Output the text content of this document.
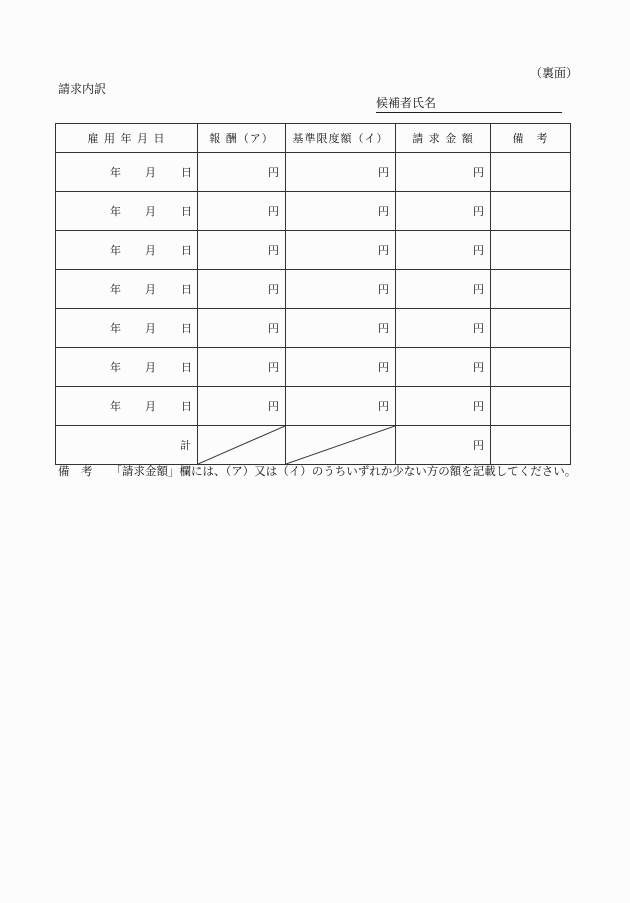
（裏面）
請求内訳
候補者氏名
雇 用 年 月 日	報 酬（ア）	基準限度額（イ）	請 求 金 額	備　考

年 月 日	円	円	円	

年 月 日	円	円	円	

年 月 日	円	円	円	

年 月 日	円	円	円	

年 月 日	円	円	円	

年 月 日	円	円	円	

年 月 日	円	円	円	
計			円	
備　考 「請求金額」欄には、（ア）又は（イ）のうちいずれか少ない方の額を記載してください。
